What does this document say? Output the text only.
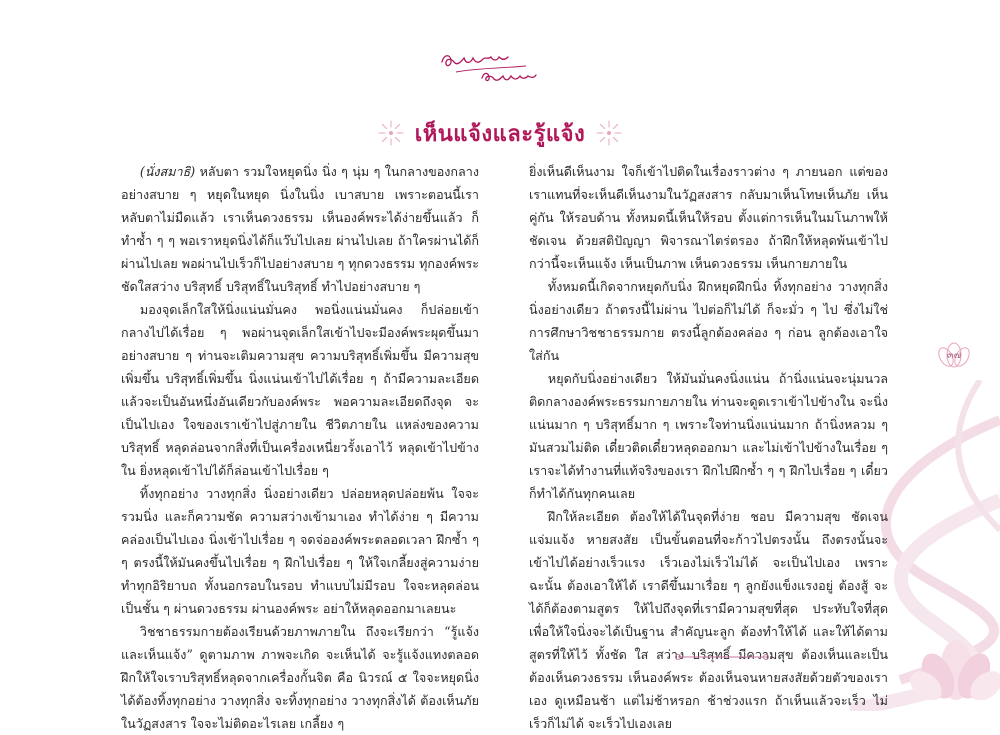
เห็นแจ้งและรู้แจ้ง

(นั่งสมาธิ) หลับตา รวมใจหยุดนิ่ง นิ่ง ๆ นุ่ม ๆ ในกลางของกลางอย่างสบาย ๆ หยุดในหยุด นิ่งในนิ่ง เบาสบาย เพราะตอนนี้เราหลับตาไม่มืดแล้ว เราเห็นดวงธรรม เห็นองค์พระได้ง่ายขึ้นแล้ว ก็ทำซ้ำ ๆ ๆ พอเราหยุดนิ่งได้ก็แว๊บไปเลย ผ่านไปเลย ถ้าใครผ่านได้ก็ผ่านไปเลย พอผ่านไปเร็วก็ไปอย่างสบาย ๆ ทุกดวงธรรม ทุกองค์พระ ชัดใสสว่าง บริสุทธิ์ บริสุทธิ์ในบริสุทธิ์ ทำไปอย่างสบาย ๆ

มองจุดเล็กใสให้นิ่งแน่นมั่นคง พอนิ่งแน่นมั่นคง ก็ปล่อยเข้ากลางไปได้เรื่อย ๆ พอผ่านจุดเล็กใสเข้าไปจะมีองค์พระผุดขึ้นมาอย่างสบาย ๆ ท่านจะเติมความสุข ความบริสุทธิ์เพิ่มขึ้น มีความสุขเพิ่มขึ้น บริสุทธิ์เพิ่มขึ้น นิ่งแน่นเข้าไปได้เรื่อย ๆ ถ้ามีความละเอียดแล้วจะเป็นอันหนึ่งอันเดียวกับองค์พระ พอความละเอียดถึงจุด จะเป็นไปเอง ใจของเราเข้าไปสู่ภายใน ชีวิตภายใน แหล่งของความบริสุทธิ์ หลุดล่อนจากสิ่งที่เป็นเครื่องเหนี่ยวรั้งเอาไว้ หลุดเข้าไปข้างใน ยิ่งหลุดเข้าไปได้ก็ล่อนเข้าไปเรื่อย ๆ

ทิ้งทุกอย่าง วางทุกสิ่ง นิ่งอย่างเดียว ปล่อยหลุดปล่อยพ้น ใจจะรวมนิ่ง และก็ความชัด ความสว่างเข้ามาเอง ทำได้ง่าย ๆ มีความคล่องเป็นไปเอง นิ่งเข้าไปเรื่อย ๆ จดจ่อองค์พระตลอดเวลา ฝึกซ้ำ ๆ ๆ ตรงนี้ให้มันคงขึ้นไปเรื่อย ๆ ฝึกไปเรื่อย ๆ ให้ใจเกลี้ยงสู่ความง่าย ทำทุกอิริยาบถ ทั้งนอกรอบในรอบ ทำแบบไม่มีรอบ ใจจะหลุดล่อนเป็นชั้น ๆ ผ่านดวงธรรม ผ่านองค์พระ อย่าให้หลุดออกมาเลยนะ

วิชชาธรรมกายต้องเรียนด้วยภาพภายใน ถึงจะเรียกว่า “รู้แจ้งและเห็นแจ้ง” ดูตามภาพ ภาพจะเกิด จะเห็นได้ จะรู้แจ้งแทงตลอด ฝึกให้ใจเราบริสุทธิ์หลุดจากเครื่องกั้นจิต คือ นิวรณ์ ๕ ใจจะหยุดนิ่งได้ต้องทิ้งทุกอย่าง วางทุกสิ่ง จะทิ้งทุกอย่าง วางทุกสิ่งได้ ต้องเห็นภัยในวัฏสงสาร ใจจะไม่ติดอะไรเลย เกลี้ยง ๆ

ยิ่งเห็นดีเห็นงาม ใจก็เข้าไปติดในเรื่องราวต่าง ๆ ภายนอก แต่ของเราแทนที่จะเห็นดีเห็นงามในวัฏสงสาร กลับมาเห็นโทษเห็นภัย เห็นคู่กัน ให้รอบด้าน ทั้งหมดนี้เห็นให้รอบ ตั้งแต่การเห็นในมโนภาพให้ชัดเจน ด้วยสติปัญญา พิจารณาไตร่ตรอง ถ้าฝึกให้หลุดพ้นเข้าไปกว่านี้จะเห็นแจ้ง เห็นเป็นภาพ เห็นดวงธรรม เห็นกายภายใน

ทั้งหมดนี้เกิดจากหยุดกับนิ่ง ฝึกหยุดฝึกนิ่ง ทิ้งทุกอย่าง วางทุกสิ่ง นิ่งอย่างเดียว ถ้าตรงนี้ไม่ผ่าน ไปต่อก็ไม่ได้ ก็จะมั่ว ๆ ไป ซึ่งไม่ใช่การศึกษาวิชชาธรรมกาย ตรงนี้ลูกต้องคล่อง ๆ ก่อน ลูกต้องเอาใจใส่กัน

หยุดกับนิ่งอย่างเดียว ให้มันมั่นคงนิ่งแน่น ถ้านิ่งแน่นจะนุ่มนวล ติดกลางองค์พระธรรมกายภายใน ท่านจะดูดเราเข้าไปข้างใน จะนิ่งแน่นมาก ๆ บริสุทธิ์มาก ๆ เพราะใจท่านนิ่งแน่นมาก ถ้านิ่งหลวม ๆ มันสวมไม่ติด เดี๋ยวติดเดี๋ยวหลุดออกมา และไม่เข้าไปข้างในเรื่อย ๆ เราจะได้ทำงานที่แท้จริงของเรา ฝึกไปฝึกซ้ำ ๆ ๆ ฝึกไปเรื่อย ๆ เดี๋ยวก็ทำได้กันทุกคนเลย

ฝึกให้ละเอียด ต้องให้ได้ในจุดที่ง่าย ชอบ มีความสุข ชัดเจน แจ่มแจ้ง หายสงสัย เป็นขั้นตอนที่จะก้าวไปตรงนั้น ถึงตรงนั้นจะเข้าไปได้อย่างเร็วแรง เร็วเองไม่เร็วไม่ได้ จะเป็นไปเอง เพราะฉะนั้น ต้องเอาให้ได้ เราดีขึ้นมาเรื่อย ๆ ลูกยังแข็งแรงอยู่ ต้องสู้ จะได้ก็ต้องตามสูตร ให้ไปถึงจุดที่เรามีความสุขที่สุด ประทับใจที่สุด เพื่อให้ใจนิ่งจะได้เป็นฐาน สำคัญนะลูก ต้องทำให้ได้ และให้ได้ตามสูตรที่ให้ไว้ ทั้งชัด ใส สว่าง บริสุทธิ์ มีความสุข ต้องเห็นและเป็น ต้องเห็นดวงธรรม เห็นองค์พระ ต้องเห็นจนหายสงสัยด้วยตัวของเราเอง ดูเหมือนช้า แต่ไม่ช้าหรอก ช้าช่วงแรก ถ้าเห็นแล้วจะเร็ว ไม่เร็วก็ไม่ได้ จะเร็วไปเองเลย

๓๗
